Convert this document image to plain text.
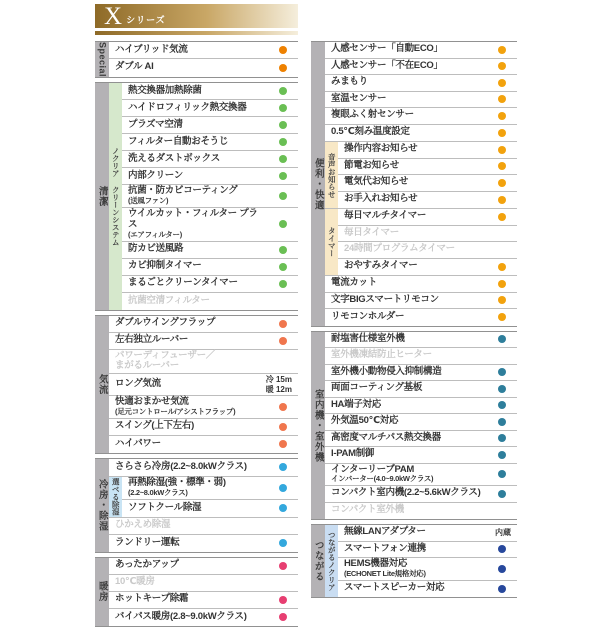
X シリーズ
Special ハイブリッド気流
ダブル AI
清潔 ノクリア クリーンシステム
熱交換器加熱除菌
ハイドロフィリック熱交換器
プラズマ空清
フィルター自動おそうじ
洗えるダストボックス
内部クリーン
抗菌・防カビコーティング
(送風ファン)
ウイルカット・フィルター プラス
(エアフィルター)
防カビ送風路
カビ抑制タイマー
まるごとクリーンタイマー
抗菌空清フィルター
気流
ダブルウイングフラップ
左右独立ルーバー
パワーディフューザー／
まがるルーバー
ロング気流	冷 15m
暖 12m
快適おまかせ気流
(足元コントロール/アシストフラップ)
スイング(上下左右)
ハイパワー
冷房・除湿
さらさら冷房(2.2~8.0kWクラス)
選べる除湿 再熱除湿(強・標準・弱)
(2.2~8.0kWクラス)
ソフトクール除湿
ひかえめ除湿
ランドリー運転
暖房
あったかアップ
10℃暖房
ホットキープ除霜
バイパス暖房(2.8~9.0kWクラス)
便利・快適
人感センサー「自動ECO」
人感センサー「不在ECO」
みまもり
室温センサー
複眼ふく射センサー
0.5℃刻み温度設定
音声お知らせ
操作内容お知らせ
節電お知らせ
電気代お知らせ
お手入れお知らせ
タイマー
毎日マルチタイマー
毎日タイマー
24時間プログラムタイマー
おやすみタイマー
電流カット
文字BIGスマートリモコン
リモコンホルダー
室内機・室外機
耐塩害仕様室外機
室外機凍結防止ヒーター
室外機小動物侵入抑制構造
両面コーティング基板
HA端子対応
外気温50℃対応
高密度マルチパス熱交換器
I-PAM制御
インターリーブPAM
インバーター(4.0~9.0kWクラス)
コンパクト室内機(2.2~5.6kWクラス)
コンパクト室外機
つながる つながるノクリア 無線LANアダプター	内蔵
スマートフォン連携
HEMS機器対応
(ECHONET Lite規格対応)
スマートスピーカー対応
